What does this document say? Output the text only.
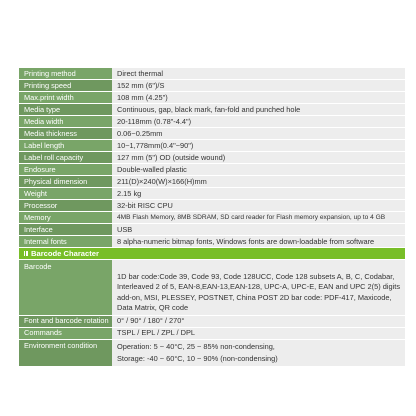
Printing method	Direct thermal
Printing speed	152 mm (6")/S
Max.print width	108 mm (4.25")
Media type	Continuous, gap, black mark, fan-fold and punched hole
Media width	20-118mm (0.78"-4.4")
Media thickness	0.06~0.25mm
Label length	10~1,778mm(0.4"~90")
Label roll capacity	127 mm (5") OD (outside wound)
Endosure	Double-walled plastic
Physical dimension	211(D)×240(W)×166(H)mm
Weight	2.15 kg
Processor	32-bit RISC CPU
Memory	4MB Flash Memory, 8MB SDRAM, SD card reader for Flash memory expansion, up to 4 GB
Interface	USB
Internal fonts	8 alpha-numeric bitmap fonts, Windows fonts are down-loadable from software
Barcode Character	
Barcode	1D bar code:Code 39, Code 93, Code 128UCC, Code 128 subsets A, B, C, Codabar, Interleaved 2 of 5, EAN-8,EAN-13,EAN-128, UPC-A, UPC-E, EAN and UPC 2(5) digits add-on, MSI, PLESSEY, POSTNET, China POST 2D bar code: PDF-417, Maxicode, Data Matrix, QR code
Font and barcode rotation	0° / 90° / 180° / 270°
Commands	TSPL / EPL / ZPL / DPL
Environment condition	Operation: 5 ~ 40°C, 25 ~ 85% non-condensing,
Storage: -40 ~ 60°C, 10 ~ 90% (non-condensing)
